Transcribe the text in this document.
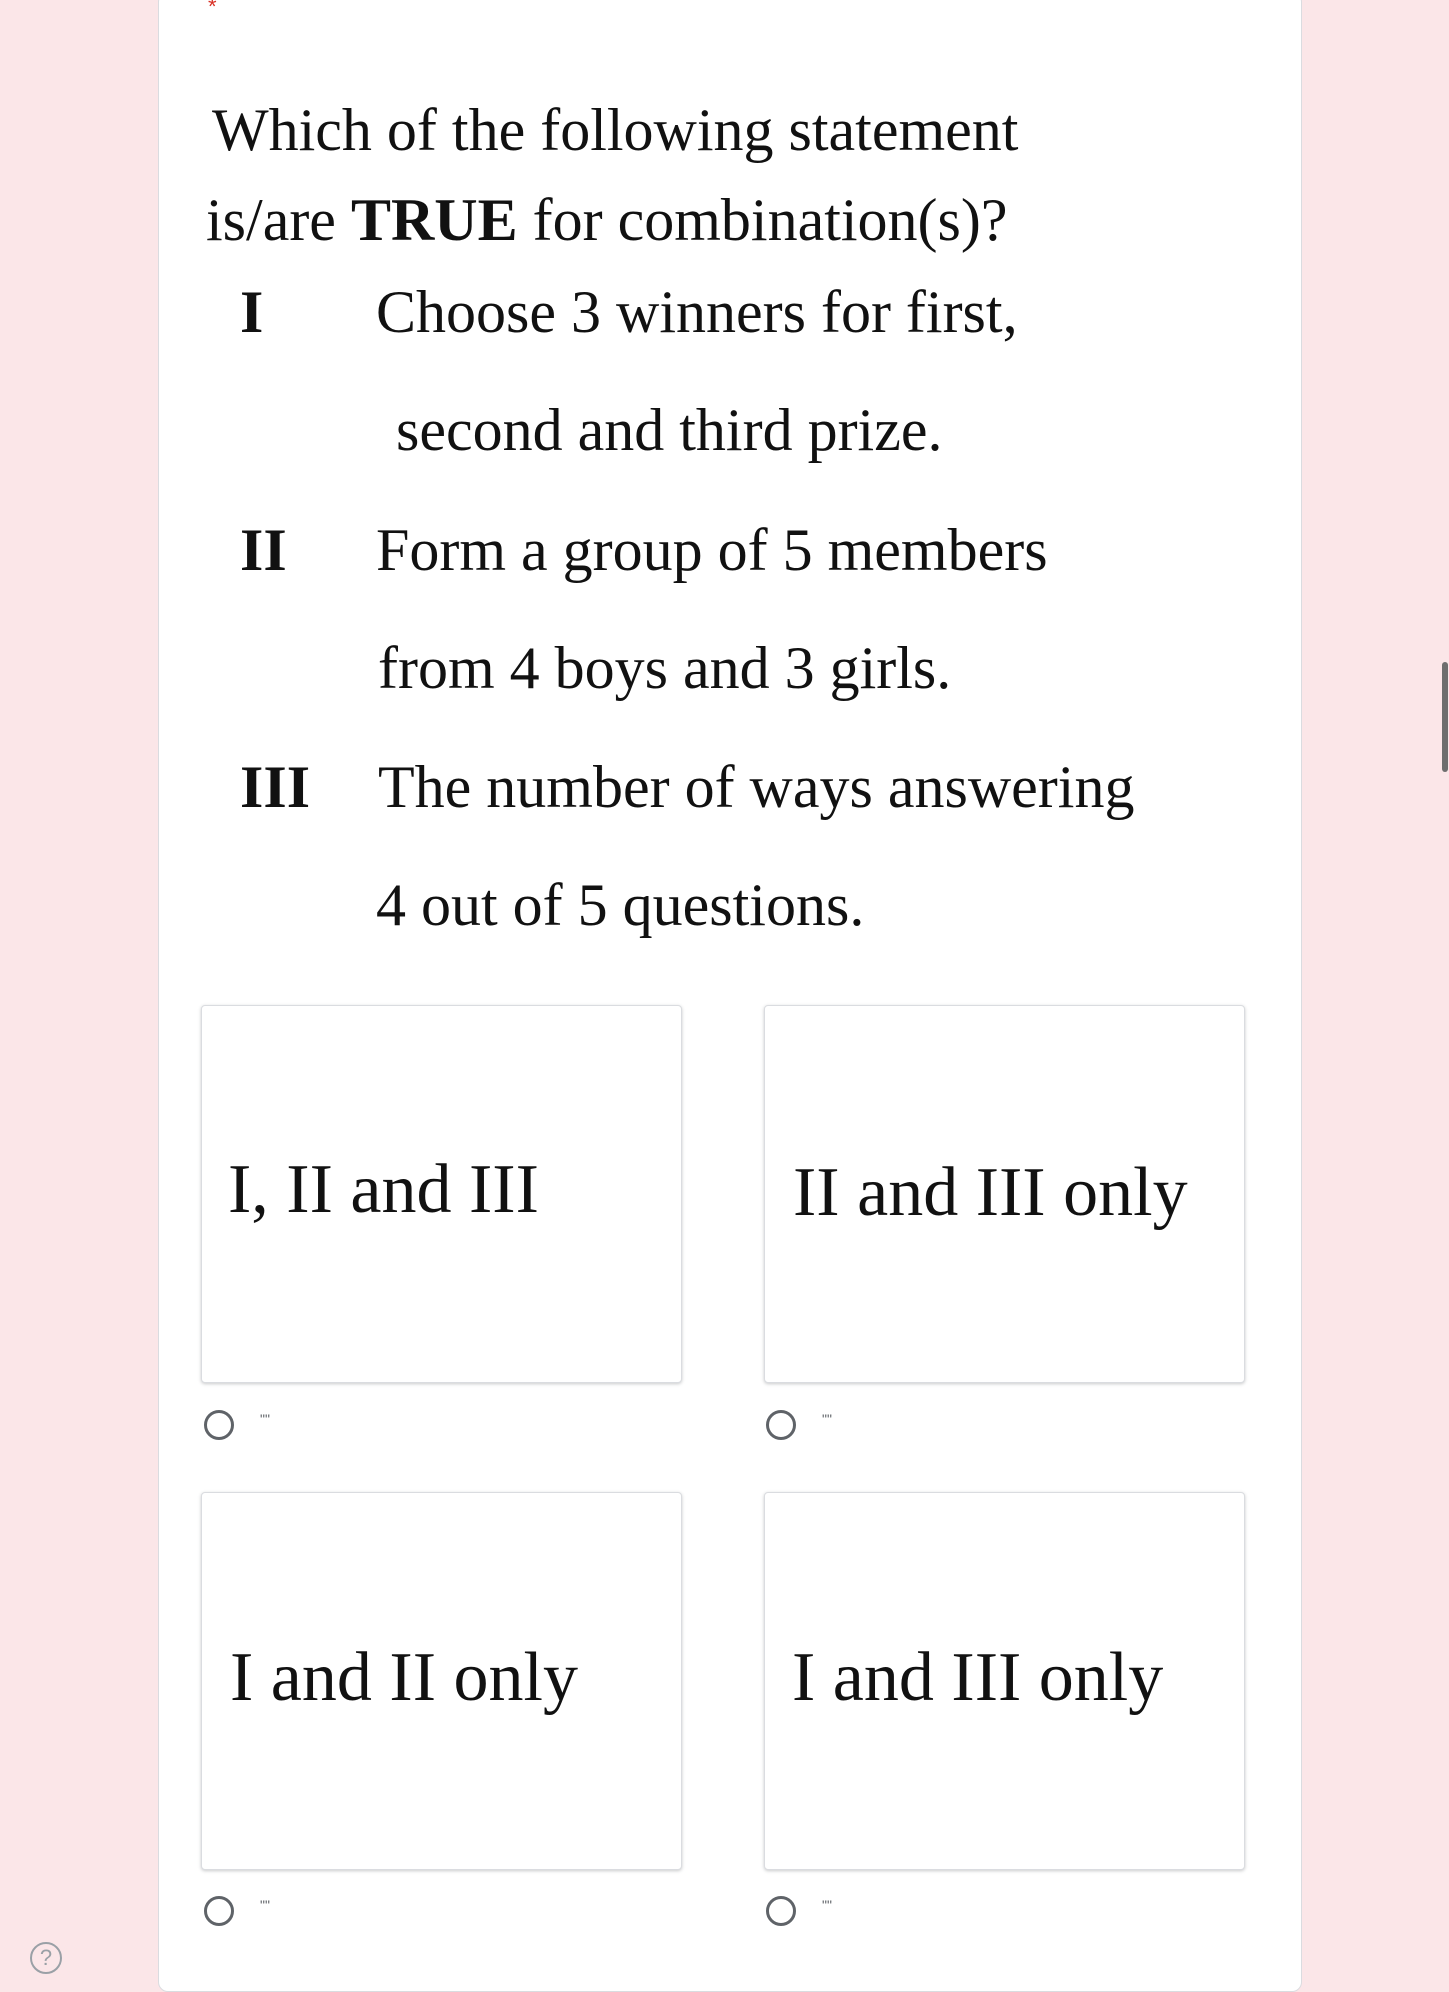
*
Which of the following statement
is/are TRUE for combination(s)?
I Choose 3 winners for first,
second and third prize.
II Form a group of 5 members
from 4 boys and 3 girls.
III The number of ways answering
4 out of 5 questions.
I, II and III
""
II and III only
""
I and II only
""
I and III only
""
?
